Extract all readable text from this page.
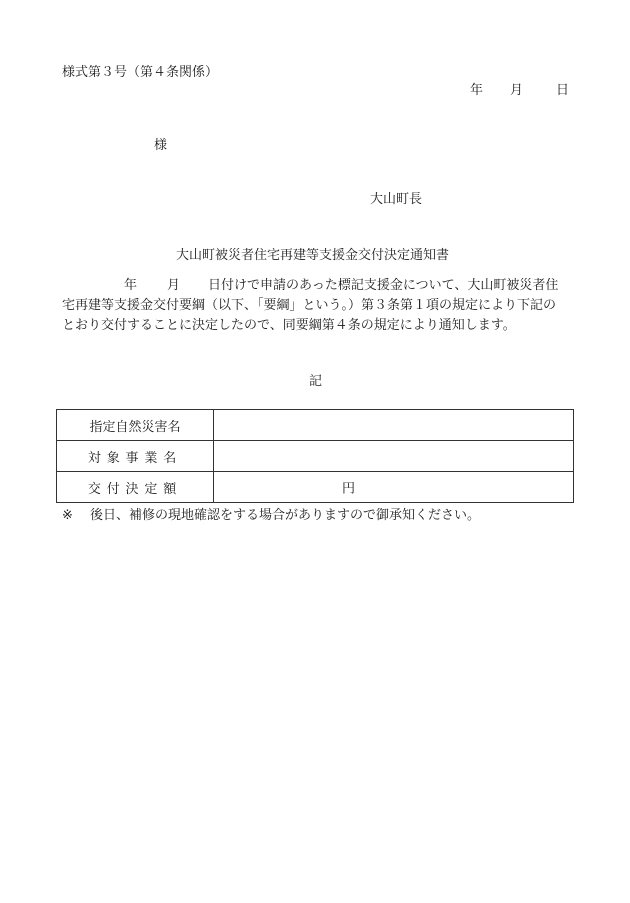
様式第３号（第４条関係）
年 月	日
様
大山町長
大山町被災者住宅再建等支援金交付決定通知書
年 月 日付けで申請のあった標記支援金について、大山町被災者住
宅再建等支援金交付要綱（以下、「要綱」という。）第３条第１項の規定により下記の
とおり交付することに決定したので、同要綱第４条の規定により通知します。
記
指定自然災害名	
対象事業名	
交付決定額	円
※ 後日、補修の現地確認をする場合がありますので御承知ください。
